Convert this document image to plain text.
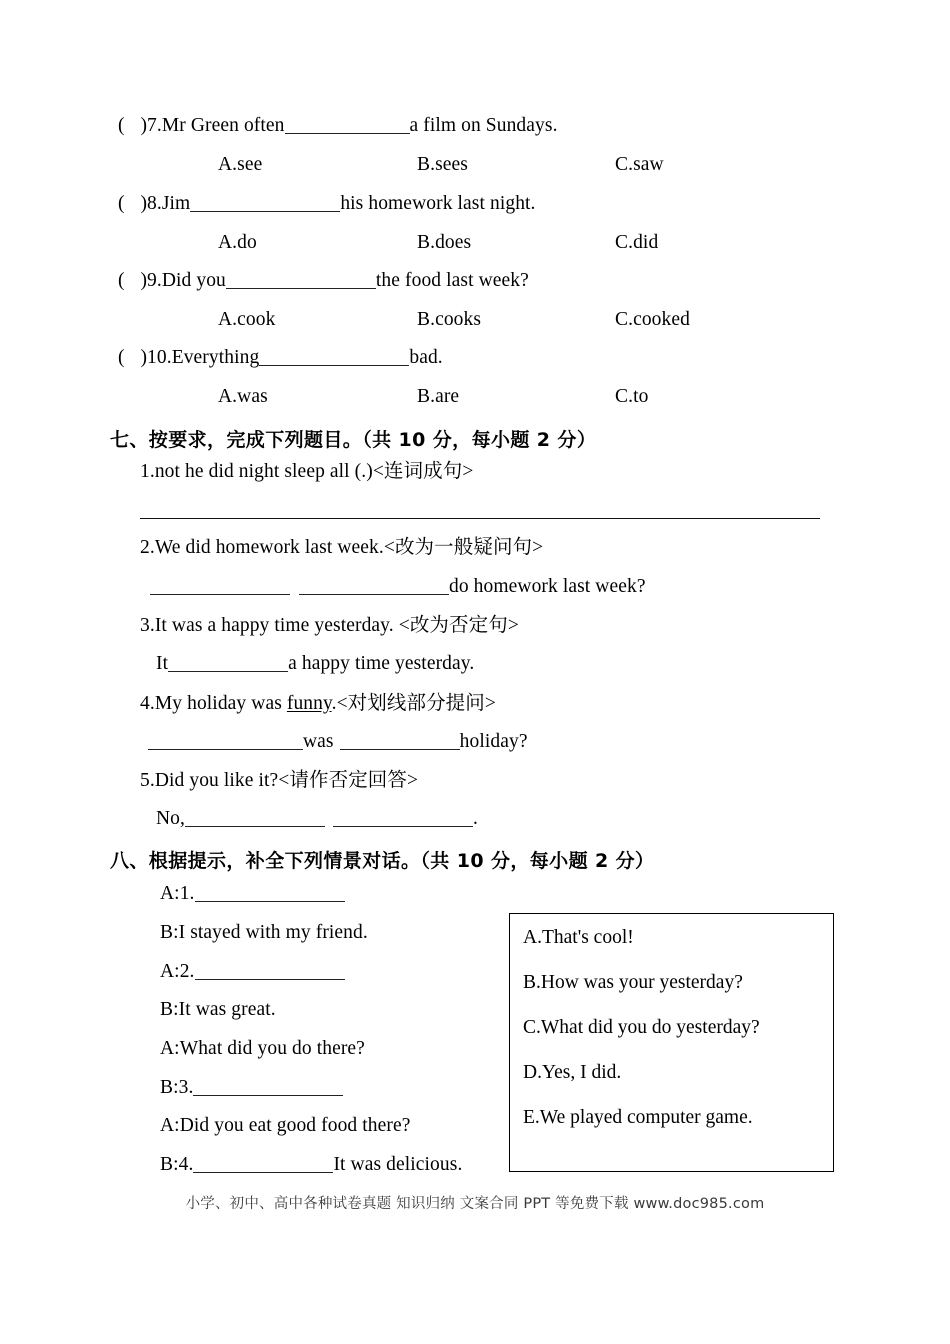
( )7.Mr Green often	a film on Sundays.
A.see	B.sees	C.saw
( )8.Jim	his homework last night.
A.do	B.does	C.did
( )9.Did you	the food last week?
A.cook	B.cooks	C.cooked
( )10.Everything	bad.
A.was	B.are	C.to
七、按要求，完成下列题目。（共 10 分，每小题 2 分）
1.not he did night sleep all (.)<连词成句>
2.We did homework last week.<改为一般疑问句>
do homework last week?
3.It was a happy time yesterday. <改为否定句>
It	a happy time yesterday.
4.My holiday was funny.<对划线部分提问>
was	holiday?
5.Did you like it?<请作否定回答>
No,	.
八、根据提示，补全下列情景对话。（共 10 分，每小题 2 分）
A:1.
B:I stayed with my friend.
A:2.
B:It was great.
A:What did you do there?
B:3.
A:Did you eat good food there?
B:4.	It was delicious.
A.That's cool!
B.How was your yesterday?
C.What did you do yesterday?
D.Yes, I did.
E.We played computer game.
小学、初中、高中各种试卷真题 知识归纳 文案合同 PPT 等免费下载 www.doc985.com
